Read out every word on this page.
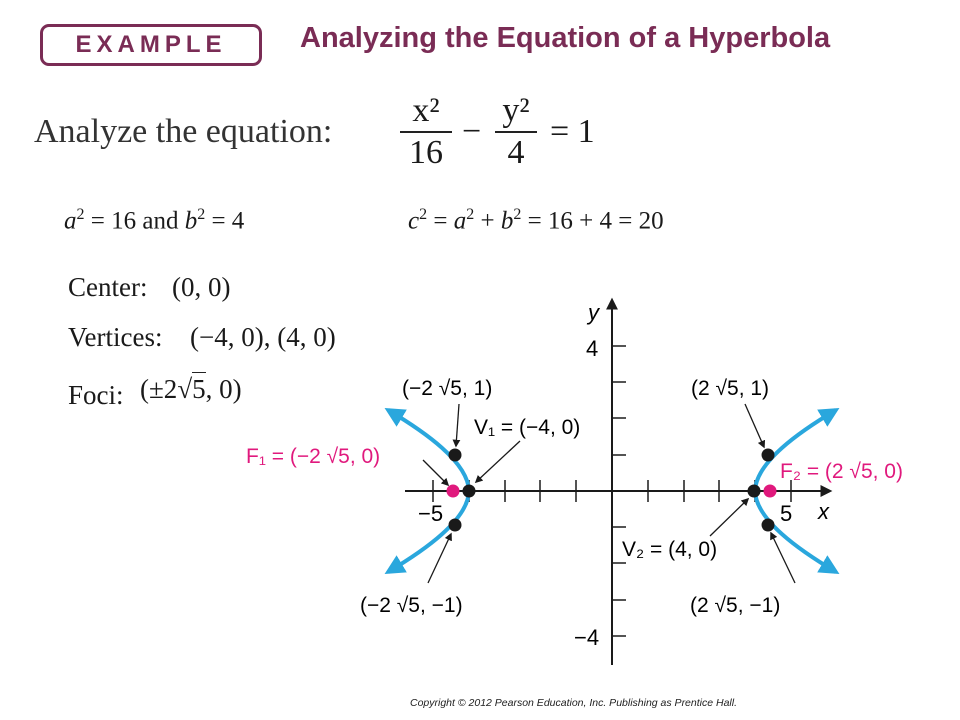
EXAMPLE	Analyzing the Equation of a Hyperbola
Analyze the equation:
x²
16
−
y²
4
= 1
$a^2 = 16$ and $b^2 = 4$	$c^2 = a^2 + b^2 = 16 + 4 = 20$
Center: (0, 0)
Vertices: (−4, 0), (4, 0)
Foci: (±2√5, 0)
y
x
4
−4
−5	5
(−2 √5, 1)
V₁ = (−4, 0)
F₁ = (−2 √5, 0)
(−2 √5, −1)
(2 √5, 1)
F₂ = (2 √5, 0)
V₂ = (4, 0)
(2 √5, −1)
Copyright © 2012 Pearson Education, Inc. Publishing as Prentice Hall.
